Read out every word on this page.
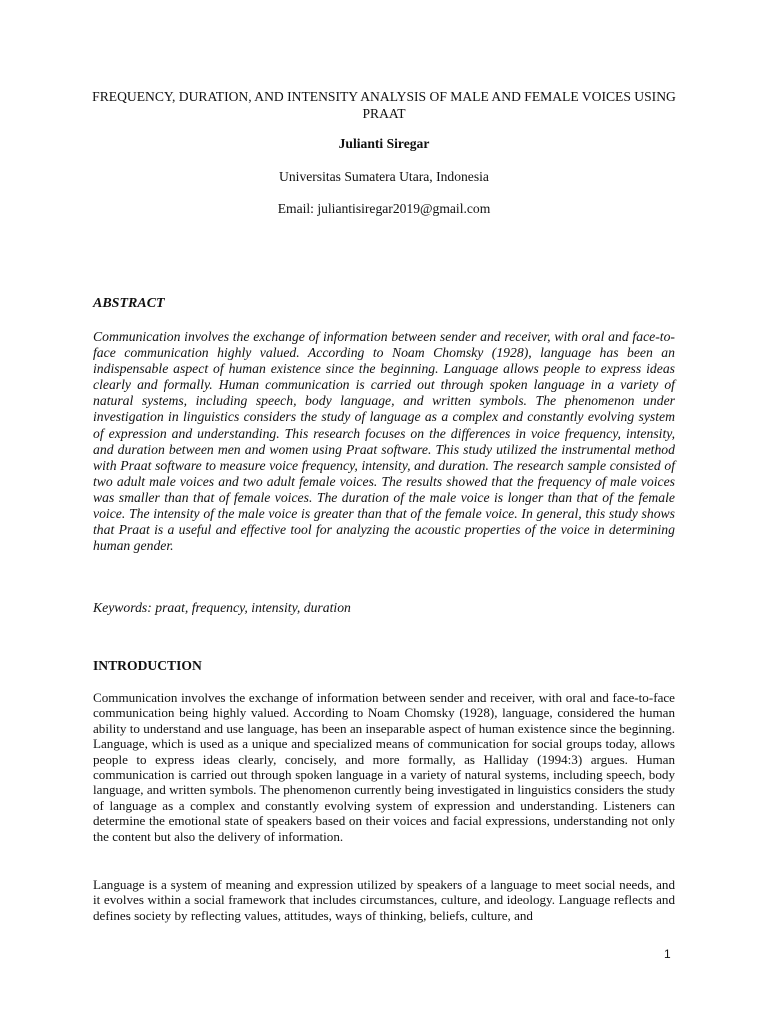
FREQUENCY, DURATION, AND INTENSITY ANALYSIS OF MALE AND FEMALE VOICES USING PRAAT
Julianti Siregar
Universitas Sumatera Utara, Indonesia
Email: juliantisiregar2019@gmail.com
ABSTRACT

Communication involves the exchange of information between sender and receiver, with oral and face-to-face communication highly valued. According to Noam Chomsky (1928), language has been an indispensable aspect of human existence since the beginning. Language allows people to express ideas clearly and formally. Human communication is carried out through spoken language in a variety of natural systems, including speech, body language, and written symbols. The phenomenon under investigation in linguistics considers the study of language as a complex and constantly evolving system of expression and understanding. This research focuses on the differences in voice frequency, intensity, and duration between men and women using Praat software. This study utilized the instrumental method with Praat software to measure voice frequency, intensity, and duration. The research sample consisted of two adult male voices and two adult female voices. The results showed that the frequency of male voices was smaller than that of female voices. The duration of the male voice is longer than that of the female voice. The intensity of the male voice is greater than that of the female voice. In general, this study shows that Praat is a useful and effective tool for analyzing the acoustic properties of the voice in determining human gender.

Keywords: praat, frequency, intensity, duration

INTRODUCTION

Communication involves the exchange of information between sender and receiver, with oral and face-to-face communication being highly valued. According to Noam Chomsky (1928), language, considered the human ability to understand and use language, has been an inseparable aspect of human existence since the beginning. Language, which is used as a unique and specialized means of communication for social groups today, allows people to express ideas clearly, concisely, and more formally, as Halliday (1994:3) argues. Human communication is carried out through spoken language in a variety of natural systems, including speech, body language, and written symbols. The phenomenon currently being investigated in linguistics considers the study of language as a complex and constantly evolving system of expression and understanding. Listeners can determine the emotional state of speakers based on their voices and facial expressions, understanding not only the content but also the delivery of information.

Language is a system of meaning and expression utilized by speakers of a language to meet social needs, and it evolves within a social framework that includes circumstances, culture, and ideology. Language reflects and defines society by reflecting values, attitudes, ways of thinking, beliefs, culture, and

1
